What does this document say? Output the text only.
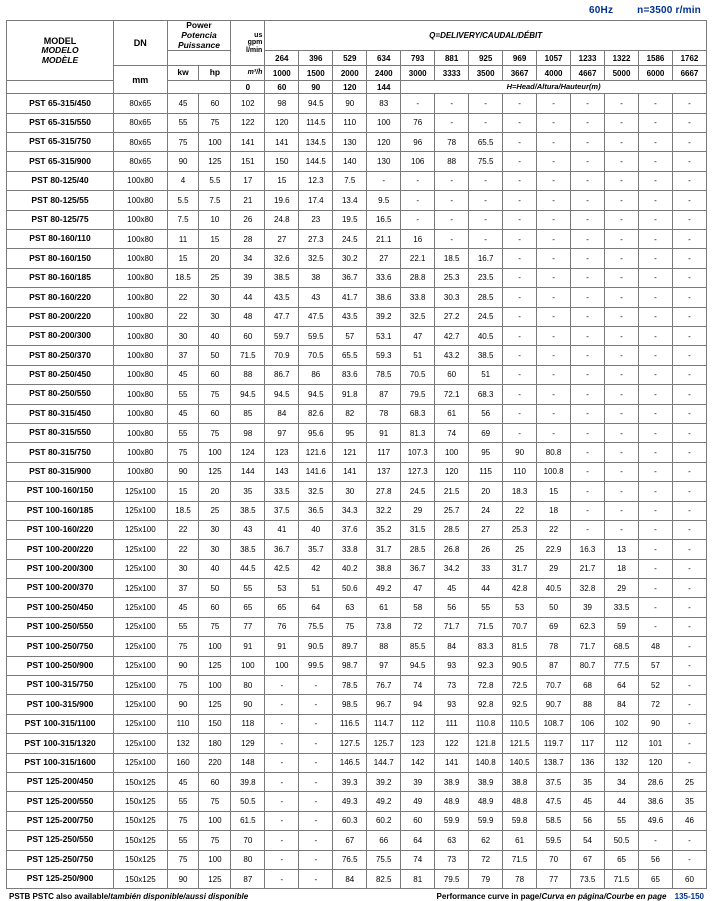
60Hz n=3500 r/min
MODEL
MODELO
MODÈLE	DN	Power
Potencia
Puissance		us
gpm
l/min	Q=DELIVERY/CAUDAL/DÉBIT												
					264	396	529	634	793	881	925	969	1057	1233	1322	1586	1762
	mm	kw	hp	m³/h	1000	1500	2000	2400	3000	3333	3500	3667	4000	4667	5000	6000	6667
				0	60	90	120	144	H=Head/Altura/Hauteur(m)								
PST 65-315/450	80x65	45	60	102	98	94.5	90	83	-	-	-	-	-	-	-	-	-
PST 65-315/550	80x65	55	75	122	120	114.5	110	100	76	-	-	-	-	-	-	-	-
PST 65-315/750	80x65	75	100	141	141	134.5	130	120	96	78	65.5	-	-	-	-	-	-
PST 65-315/900	80x65	90	125	151	150	144.5	140	130	106	88	75.5	-	-	-	-	-	-
PST 80-125/40	100x80	4	5.5	17	15	12.3	7.5	-	-	-	-	-	-	-	-	-	-
PST 80-125/55	100x80	5.5	7.5	21	19.6	17.4	13.4	9.5	-	-	-	-	-	-	-	-	-
PST 80-125/75	100x80	7.5	10	26	24.8	23	19.5	16.5	-	-	-	-	-	-	-	-	-
PST 80-160/110	100x80	11	15	28	27	27.3	24.5	21.1	16	-	-	-	-	-	-	-	-
PST 80-160/150	100x80	15	20	34	32.6	32.5	30.2	27	22.1	18.5	16.7	-	-	-	-	-	-
PST 80-160/185	100x80	18.5	25	39	38.5	38	36.7	33.6	28.8	25.3	23.5	-	-	-	-	-	-
PST 80-160/220	100x80	22	30	44	43.5	43	41.7	38.6	33.8	30.3	28.5	-	-	-	-	-	-
PST 80-200/220	100x80	22	30	48	47.7	47.5	43.5	39.2	32.5	27.2	24.5	-	-	-	-	-	-
PST 80-200/300	100x80	30	40	60	59.7	59.5	57	53.1	47	42.7	40.5	-	-	-	-	-	-
PST 80-250/370	100x80	37	50	71.5	70.9	70.5	65.5	59.3	51	43.2	38.5	-	-	-	-	-	-
PST 80-250/450	100x80	45	60	88	86.7	86	83.6	78.5	70.5	60	51	-	-	-	-	-	-
PST 80-250/550	100x80	55	75	94.5	94.5	94.5	91.8	87	79.5	72.1	68.3	-	-	-	-	-	-
PST 80-315/450	100x80	45	60	85	84	82.6	82	78	68.3	61	56	-	-	-	-	-	-
PST 80-315/550	100x80	55	75	98	97	95.6	95	91	81.3	74	69	-	-	-	-	-	-
PST 80-315/750	100x80	75	100	124	123	121.6	121	117	107.3	100	95	90	80.8	-	-	-	-
PST 80-315/900	100x80	90	125	144	143	141.6	141	137	127.3	120	115	110	100.8	-	-	-	-
PST 100-160/150	125x100	15	20	35	33.5	32.5	30	27.8	24.5	21.5	20	18.3	15	-	-	-	-
PST 100-160/185	125x100	18.5	25	38.5	37.5	36.5	34.3	32.2	29	25.7	24	22	18	-	-	-	-
PST 100-160/220	125x100	22	30	43	41	40	37.6	35.2	31.5	28.5	27	25.3	22	-	-	-	-
PST 100-200/220	125x100	22	30	38.5	36.7	35.7	33.8	31.7	28.5	26.8	26	25	22.9	16.3	13	-	-
PST 100-200/300	125x100	30	40	44.5	42.5	42	40.2	38.8	36.7	34.2	33	31.7	29	21.7	18	-	-
PST 100-200/370	125x100	37	50	55	53	51	50.6	49.2	47	45	44	42.8	40.5	32.8	29	-	-
PST 100-250/450	125x100	45	60	65	65	64	63	61	58	56	55	53	50	39	33.5	-	-
PST 100-250/550	125x100	55	75	77	76	75.5	75	73.8	72	71.7	71.5	70.7	69	62.3	59	-	-
PST 100-250/750	125x100	75	100	91	91	90.5	89.7	88	85.5	84	83.3	81.5	78	71.7	68.5	48	-
PST 100-250/900	125x100	90	125	100	100	99.5	98.7	97	94.5	93	92.3	90.5	87	80.7	77.5	57	-
PST 100-315/750	125x100	75	100	80	-	-	78.5	76.7	74	73	72.8	72.5	70.7	68	64	52	-
PST 100-315/900	125x100	90	125	90	-	-	98.5	96.7	94	93	92.8	92.5	90.7	88	84	72	-
PST 100-315/1100	125x100	110	150	118	-	-	116.5	114.7	112	111	110.8	110.5	108.7	106	102	90	-
PST 100-315/1320	125x100	132	180	129	-	-	127.5	125.7	123	122	121.8	121.5	119.7	117	112	101	-
PST 100-315/1600	125x100	160	220	148	-	-	146.5	144.7	142	141	140.8	140.5	138.7	136	132	120	-
PST 125-200/450	150x125	45	60	39.8	-	-	39.3	39.2	39	38.9	38.9	38.8	37.5	35	34	28.6	25
PST 125-200/550	150x125	55	75	50.5	-	-	49.3	49.2	49	48.9	48.9	48.8	47.5	45	44	38.6	35
PST 125-200/750	150x125	75	100	61.5	-	-	60.3	60.2	60	59.9	59.9	59.8	58.5	56	55	49.6	46
PST 125-250/550	150x125	55	75	70	-	-	67	66	64	63	62	61	59.5	54	50.5	-	-
PST 125-250/750	150x125	75	100	80	-	-	76.5	75.5	74	73	72	71.5	70	67	65	56	-
PST 125-250/900	150x125	90	125	87	-	-	84	82.5	81	79.5	79	78	77	73.5	71.5	65	60
PSTB PSTC also available/también disponible/aussi disponible	Performance curve in page/Curva en página/Courbe en page 135-150
